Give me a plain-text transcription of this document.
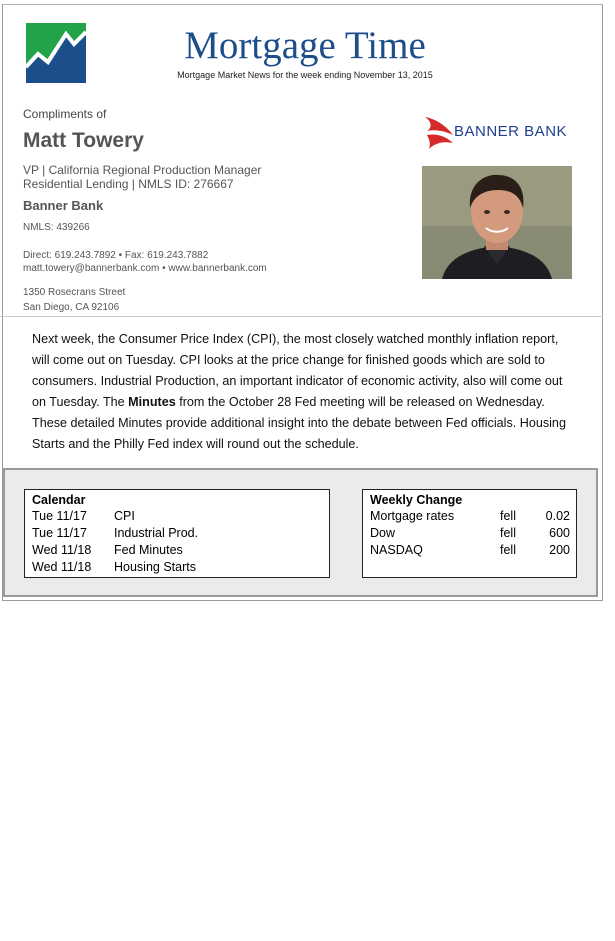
Mortgage Time
Mortgage Market News for the week ending November 13, 2015
Compliments of
Matt Towery
VP | California Regional Production Manager
Residential Lending | NMLS ID: 276667
Banner Bank
NMLS: 439266
Direct: 619.243.7892 • Fax: 619.243.7882
matt.towery@bannerbank.com • www.bannerbank.com
1350 Rosecrans Street
San Diego, CA 92106
BANNER BANK
Next week, the Consumer Price Index (CPI), the most closely watched monthly inflation report, will come out on Tuesday. CPI looks at the price change for finished goods which are sold to consumers. Industrial Production, an important indicator of economic activity, also will come out on Tuesday. The Minutes from the October 28 Fed meeting will be released on Wednesday. These detailed Minutes provide additional insight into the debate between Fed officials. Housing Starts and the Philly Fed index will round out the schedule.
Calendar
Tue 11/17 CPI
Tue 11/17 Industrial Prod.
Wed 11/18 Fed Minutes
Wed 11/18 Housing Starts
Weekly Change
Mortgage rates	fell	0.02
Dow	fell	600
NASDAQ	fell	200
